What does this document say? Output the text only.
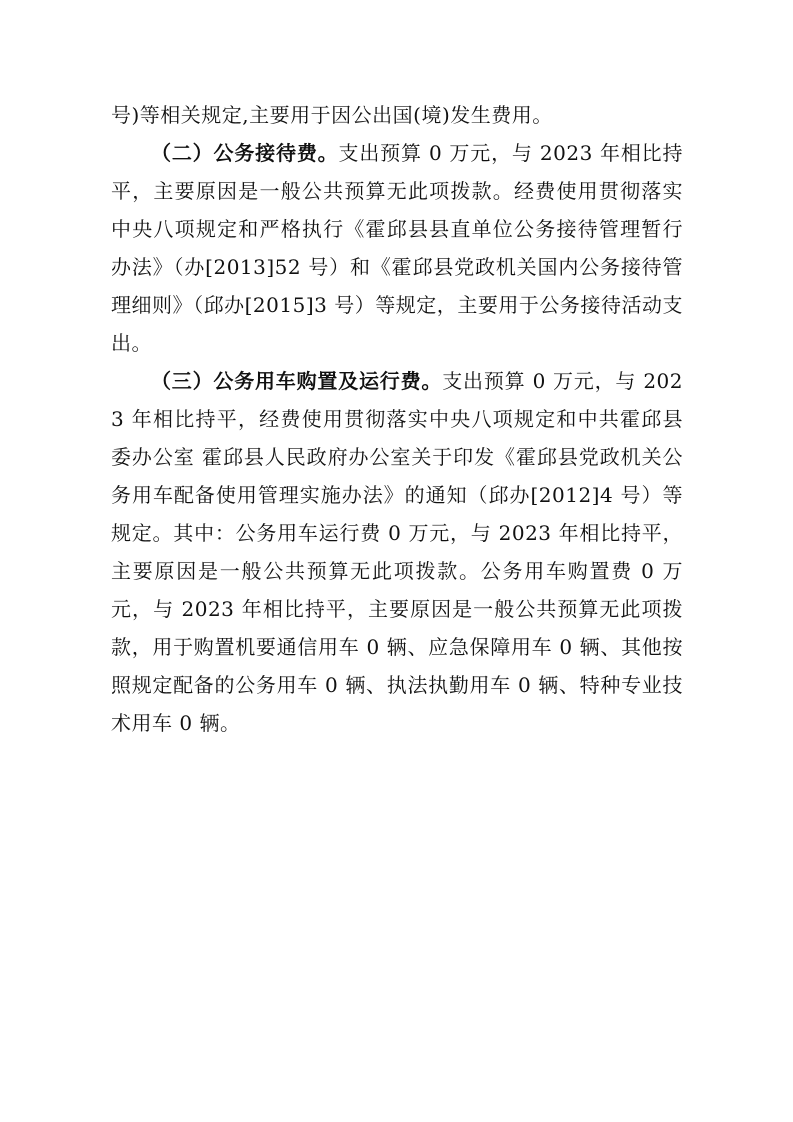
号)等相关规定,主要用于因公出国(境)发生费用。

（二）公务接待费。支出预算 0 万元，与 2023 年相比持平，主要原因是一般公共预算无此项拨款。经费使用贯彻落实中央八项规定和严格执行《霍邱县县直单位公务接待管理暂行办法》（办[2013]52 号）和《霍邱县党政机关国内公务接待管理细则》（邱办[2015]3 号）等规定，主要用于公务接待活动支出。

（三）公务用车购置及运行费。支出预算 0 万元，与 2023 年相比持平，经费使用贯彻落实中央八项规定和中共霍邱县委办公室 霍邱县人民政府办公室关于印发《霍邱县党政机关公务用车配备使用管理实施办法》的通知（邱办[2012]4 号）等规定。其中：公务用车运行费 0 万元，与 2023 年相比持平，主要原因是一般公共预算无此项拨款。公务用车购置费 0 万元，与 2023 年相比持平，主要原因是一般公共预算无此项拨款，用于购置机要通信用车 0 辆、应急保障用车 0 辆、其他按照规定配备的公务用车 0 辆、执法执勤用车 0 辆、特种专业技术用车 0 辆。
